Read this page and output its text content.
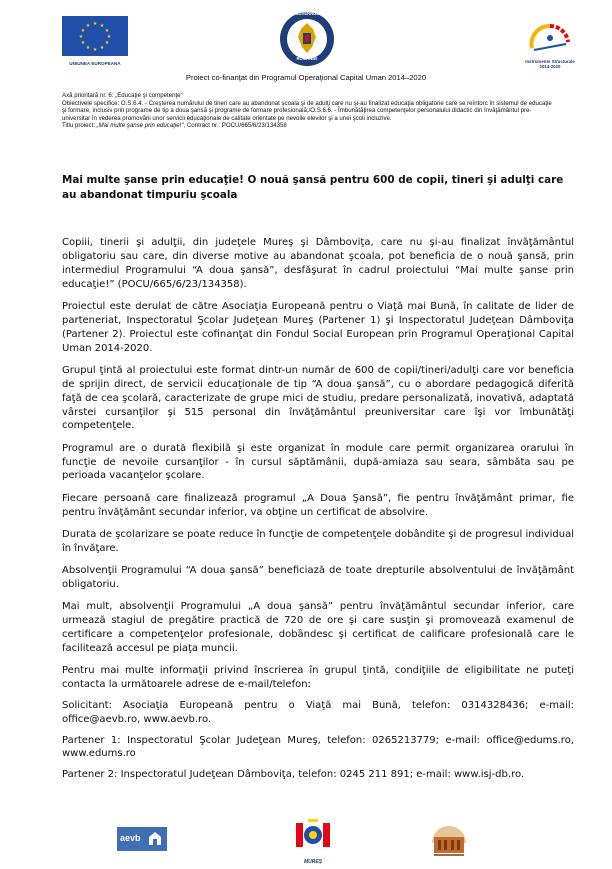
★ ★
★
★
★
★
★
★
★
★
★
★
UNIUNEA EUROPEANĂ
GUVERNUL
ROMÂNIEI
Instrumente Structurale
2014-2020
Proiect co-finanţat din Programul Operaţional Capital Uman 2014–2020
Axă prioritară nr. 6: „Educaţie şi competenţe"
Obiectivele specifice: O.S.6.4. - Creşterea numărului de tineri care au abandonat şcoala şi de adulţi care nu şi-au finalizat educaţia obligatorie care se reîntorc în sistemul de educaţie şi formare, inclusiv prin programe de tip a doua şansă şi programe de formare profesională;/O.S.6.6. - Îmbunătăţirea competenţelor personalului didactic din învăţământul pre-universitar în vederea promovării unor servicii educaţionale de calitate orientate pe nevoile elevilor şi a unei şcoli incluzive.
Titlu proiect: „Mai multe şanse prin educaţie!", Contract nr.: POCU/665/6/23/134358
Mai multe şanse prin educaţie! O nouă şansă pentru 600 de copii, tineri şi adulţi care au abandonat timpuriu şcoala

Copiii, tinerii şi adulţii, din judeţele Mureş şi Dâmboviţa, care nu şi-au finalizat învăţământul obligatoriu sau care, din diverse motive au abandonat şcoala, pot beneficia de o nouă şansă, prin intermediul Programului “A doua şansă”, desfăşurat în cadrul proiectului “Mai multe şanse prin educaţie!” (POCU/665/6/23/134358).

Proiectul este derulat de către Asociaţia Europeană pentru o Viaţă mai Bună, în calitate de lider de parteneriat, Inspectoratul Şcolar Judeţean Mureş (Partener 1) şi Inspectoratul Judeţean Dâmboviţa (Partener 2). Proiectul este cofinanţat din Fondul Social European prin Programul Operaţional Capital Uman 2014-2020.

Grupul ţintă al proiectului este format dintr-un număr de 600 de copii/tineri/adulţi care vor beneficia de sprijin direct, de servicii educaţionale de tip “A doua şansă”, cu o abordare pedagogică diferită faţă de cea şcolară, caracterizate de grupe mici de studiu, predare personalizată, inovativă, adaptată vârstei cursanţilor şi 515 personal din învăţământul preuniversitar care îşi vor îmbunătăţi competenţele.

Programul are o durată flexibilă şi este organizat în module care permit organizarea orarului în funcţie de nevoile cursanţilor - în cursul săptămânii, după-amiaza sau seara, sâmbăta sau pe perioada vacanţelor şcolare.

Fiecare persoană care finalizează programul „A Doua Şansă”, fie pentru învăţământ primar, fie pentru învăţământ secundar inferior, va obţine un certificat de absolvire.

Durata de şcolarizare se poate reduce în funcţie de competenţele dobândite şi de progresul individual în învăţare.

Absolvenţii Programului “A doua şansă” beneficiază de toate drepturile absolventului de învăţământ obligatoriu.

Mai mult, absolvenţii Programului „A doua şansă” pentru învăţământul secundar inferior, care urmează stagiul de pregătire practică de 720 de ore şi care susţin şi promovează examenul de certificare a competenţelor profesionale, dobândesc şi certificat de calificare profesională care le facilitează accesul pe piaţa muncii.

Pentru mai multe informaţii privind înscrierea în grupul ţintă, condiţiile de eligibilitate ne puteţi contacta la următoarele adrese de e-mail/telefon:

Solicitant: Asociaţia Europeană pentru o Viaţă mai Bună, telefon: 0314328436; e-mail: office@aevb.ro, www.aevb.ro.

Partener 1: Inspectoratul Şcolar Judeţean Mureş, telefon: 0265213779; e-mail: office@edums.ro, www.edums.ro

Partener 2: Inspectoratul Judeţean Dâmboviţa, telefon: 0245 211 891; e-mail: www.isj-db.ro.

aevb
MUREȘ
